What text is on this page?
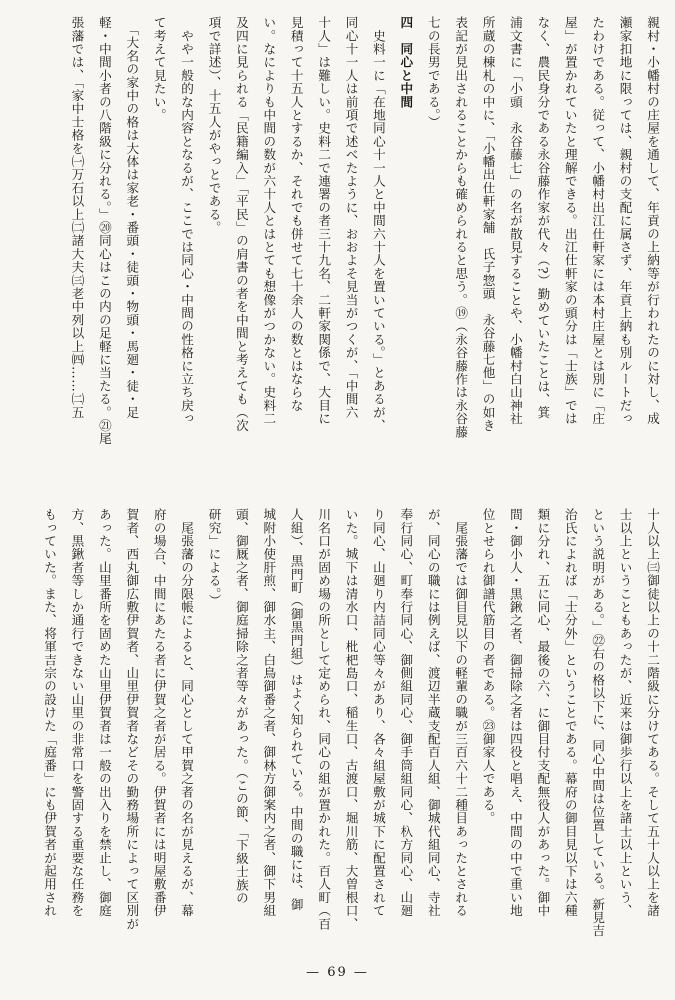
親村・小幡村の庄屋を通して、年貢の上納等が行われたのに対し、成
瀬家扣地に限っては、親村の支配に属さず、年貢上納も別ルートだっ
たわけである。従って、小幡村出江仕軒家には本村庄屋とは別に「庄
屋」が置かれていたと理解できる。出江仕軒家の頭分は「士族」では
なく、農民身分である永谷藤作家が代々（?）勤めていたことは、箕
浦文書に「小頭　永谷藤七」の名が散見することや、小幡村白山神社
所蔵の棟札の中に、「小幡出仕軒家舗　氏子惣頭　永谷藤七他」の如き
表記が見出されることからも確められると思う。⑲（永谷藤作は永谷藤
七の長男である。）
四　同心と中間
　史料一に「在地同心十一人と中間六十人を置いている。」とあるが、
同心十一人は前項で述べたように、おおよそ見当がつくが、「中間六
十人」は難しい。史料二で連署の者三十九名、二軒家関係で、大目に
見積って十五人とするか、それでも併せて七十余人の数とはならな
い。なによりも中間の数が六十人とはとても想像がつかない。史料二
及四に見られる「民籍編入」「平民」の肩書の者を中間と考えても（次
項で詳述）、十五人がやっとである。
　やや一般的な内容となるが、ここでは同心・中間の性格に立ち戻っ
て考えて見たい。
　「大名の家中の格は大体は家老・番頭・徒頭・物頭・馬廻・徒・足
軽・中間小者の八階級に分れる。」⑳同心はこの内の足軽に当たる。㉑尾
張藩では、「家中士格を㈠万石以上㈡諸大夫㈢老中列以上㈣……㈡五
十人以上㈢御徒以上の十二階級に分けてある。そして五十人以上を諸
士以上ということもあったが、近来は御歩行以上を諸士以上という、
という説明がある。」㉒右の格以下に、同心中間は位置している。新見吉
治氏によれば「士分外」ということである。幕府の御目見以下は六種
類に分れ、五に同心、最後の六、に御目付支配無役人があった。御中
間・御小人・黒鍬之者、御掃除之者は四役と唱え、中間の中で重い地
位とせられ御譜代筋目の者である。㉓御家人である。
　尾張藩では御目見以下の軽輩の職が三百六十二種目あったとされる
が、同心の職には例えば、渡辺半蔵支配百人組、御城代組同心、寺社
奉行同心、町奉行同心、御側組同心、御手筒組同心、杁方同心、山廻
り同心、山廻り内詰同心等々があり、各々組屋敷が城下に配置されて
いた。城下は清水口、枇杷島口、稲生口、古渡口、堀川筋、大曽根口、
川名口が固め場の所として定められ、同心の組が置かれた。百人町（百
人組）、黒門町（御黒門組）はよく知られている。中間の職には、御
城附小使肝煎、御水主、白鳥御番之者、御林方御案内之者、御下男組
頭、御厩之者、御庭掃除之者等々があった。（この節、「下級士族の
研究」による。）
　尾張藩の分限帳によると、同心として甲賀之者の名が見えるが、幕
府の場合、中間にあたる者に伊賀之者が居る。伊賀者には明屋敷番伊
賀者、西丸御広敷伊賀者、山里伊賀者などその勤務場所によって区別が
あった。山里番所を固めた山里伊賀者は一般の出入りを禁止し、御庭
方、黒鍬者等しか通行できない山里の非常口を警固する重要な任務を
もっていた。また、将軍吉宗の設けた「庭番」にも伊賀者が起用され
— 69 —
